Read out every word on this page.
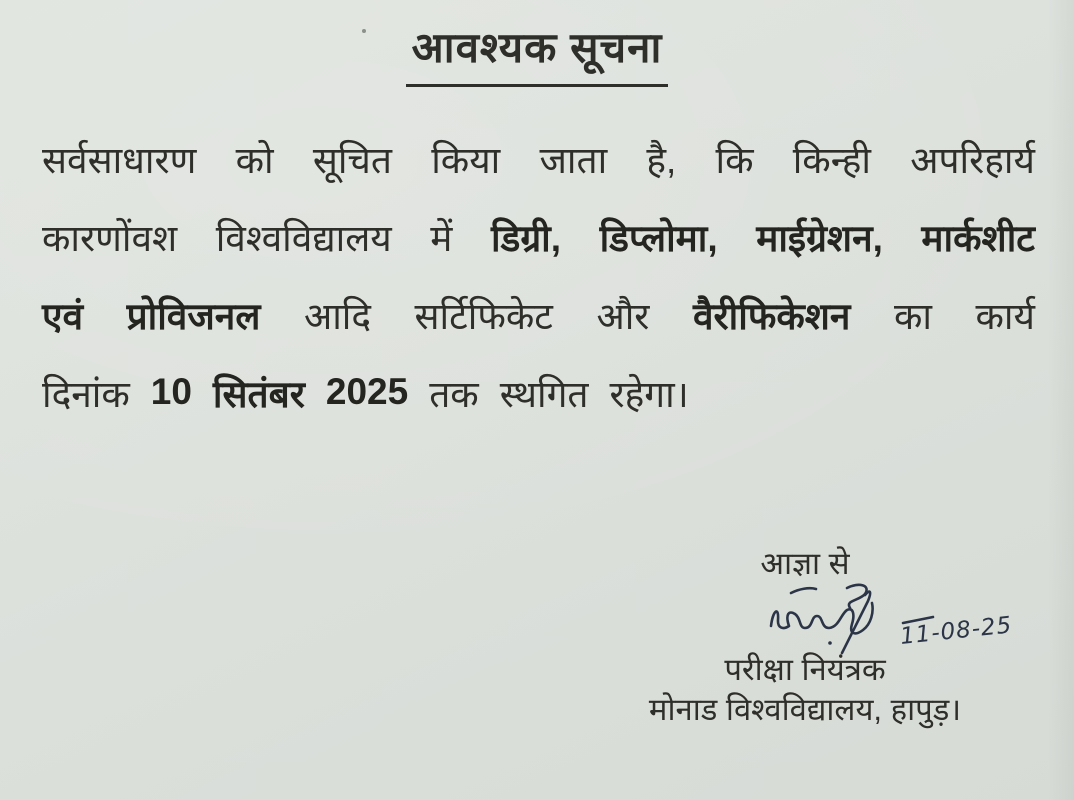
आवश्यक सूचना
सर्वसाधारण को सूचित किया जाता है, कि किन्ही अपरिहार्य
कारणोंवश विश्वविद्यालय में डिग्री, डिप्लोमा, माईग्रेशन, मार्कशीट
एवं प्रोविजनल आदि सर्टिफिकेट और वैरीफिकेशन का कार्य
दिनांक 10 सितंबर 2025 तक स्थगित रहेगा।
आज्ञा से
11-08-25
परीक्षा नियंत्रक
मोनाड विश्वविद्यालय, हापुड़।
